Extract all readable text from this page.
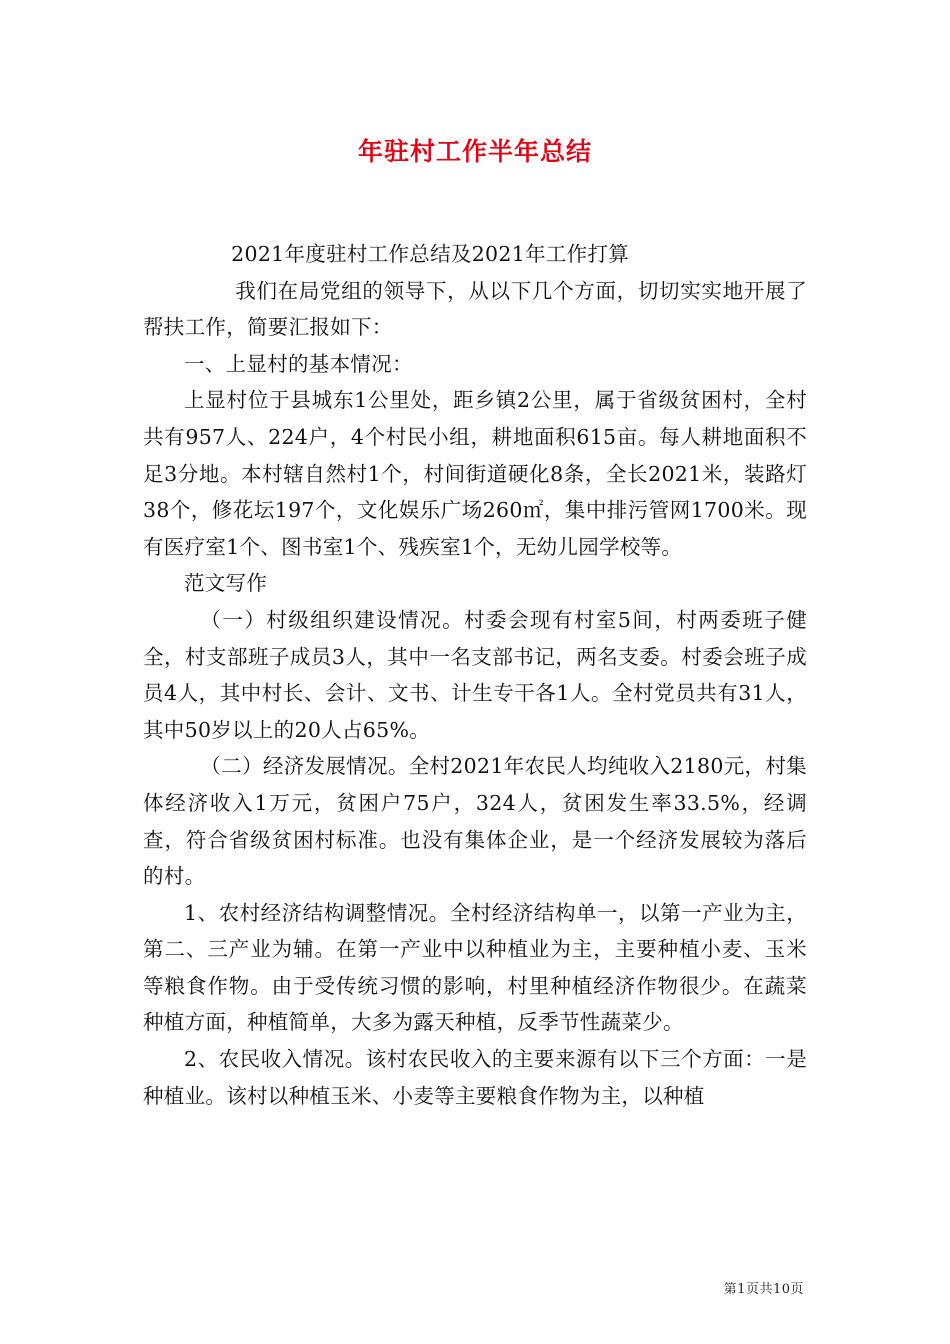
年驻村工作半年总结

2021年度驻村工作总结及2021年工作打算

我们在局党组的领导下，从以下几个方面，切切实实地开展了帮扶工作，简要汇报如下：

一、上显村的基本情况：

上显村位于县城东1公里处，距乡镇2公里，属于省级贫困村，全村共有957人、224户，4个村民小组，耕地面积615亩。每人耕地面积不足3分地。本村辖自然村1个，村间街道硬化8条，全长2021米，装路灯38个，修花坛197个，文化娱乐广场260㎡，集中排污管网1700米。现有医疗室1个、图书室1个、残疾室1个，无幼儿园学校等。

范文写作

（一）村级组织建设情况。村委会现有村室5间，村两委班子健全，村支部班子成员3人，其中一名支部书记，两名支委。村委会班子成员4人，其中村长、会计、文书、计生专干各1人。全村党员共有31人，其中50岁以上的20人占65%。

（二）经济发展情况。全村2021年农民人均纯收入2180元，村集体经济收入1万元，贫困户75户，324人，贫困发生率33.5%，经调查，符合省级贫困村标准。也没有集体企业，是一个经济发展较为落后的村。

1、农村经济结构调整情况。全村经济结构单一，以第一产业为主，第二、三产业为辅。在第一产业中以种植业为主，主要种植小麦、玉米等粮食作物。由于受传统习惯的影响，村里种植经济作物很少。在蔬菜种植方面，种植简单，大多为露天种植，反季节性蔬菜少。

2、农民收入情况。该村农民收入的主要来源有以下三个方面：一是种植业。该村以种植玉米、小麦等主要粮食作物为主，以种植

第1页共10页
